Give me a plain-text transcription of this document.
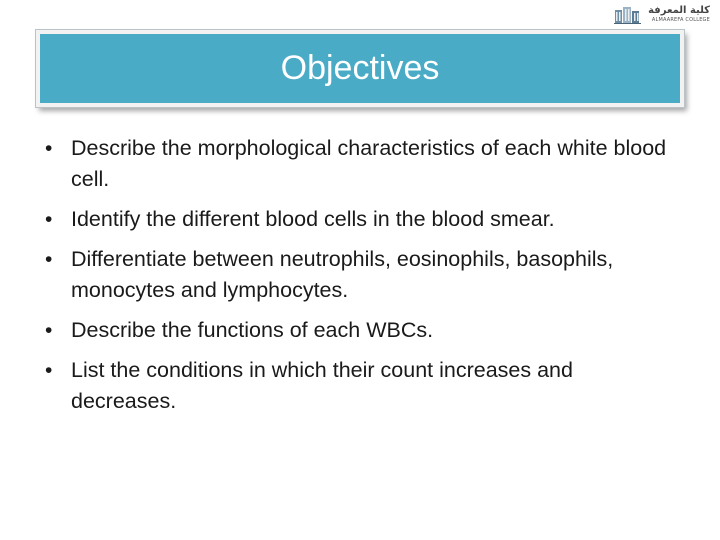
كلية المعرفة
ALMAAREFA COLLEGE
Objectives
• Describe the morphological characteristics of each white blood cell.
• Identify the different blood cells in the blood smear.
• Differentiate between neutrophils, eosinophils, basophils, monocytes and lymphocytes.
• Describe the functions of each WBCs.
• List the conditions in which their count increases and decreases.
